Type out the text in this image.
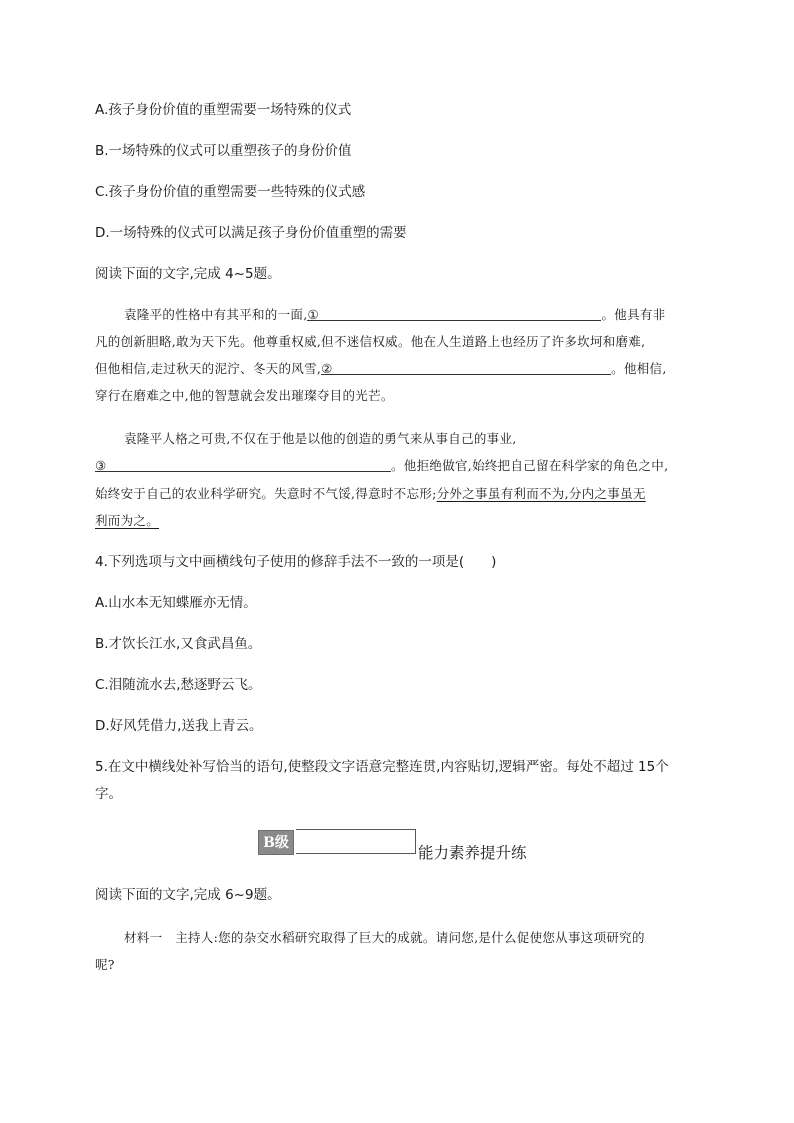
A.孩子身份价值的重塑需要一场特殊的仪式
B.一场特殊的仪式可以重塑孩子的身份价值
C.孩子身份价值的重塑需要一些特殊的仪式感
D.一场特殊的仪式可以满足孩子身份价值重塑的需要
阅读下面的文字,完成 4~5题。
袁隆平的性格中有其平和的一面,①	。他具有非
凡的创新胆略,敢为天下先。他尊重权威,但不迷信权威。他在人生道路上也经历了许多坎坷和磨难,
但他相信,走过秋天的泥泞、冬天的风雪,②	。他相信,
穿行在磨难之中,他的智慧就会发出璀璨夺目的光芒。
袁隆平人格之可贵,不仅在于他是以他的创造的勇气来从事自己的事业,
③	。他拒绝做官,始终把自己留在科学家的角色之中,
始终安于自己的农业科学研究。失意时不气馁,得意时不忘形;分外之事虽有利而不为,分内之事虽无
利而为之。
4.下列选项与文中画横线句子使用的修辞手法不一致的一项是(　　)
A.山水本无知蝶雁亦无情。
B.才饮长江水,又食武昌鱼。
C.泪随流水去,愁逐野云飞。
D.好风凭借力,送我上青云。
5.在文中横线处补写恰当的语句,使整段文字语意完整连贯,内容贴切,逻辑严密。每处不超过 15个
字。
B级
能力素养提升练
阅读下面的文字,完成 6~9题。
材料一　主持人:您的杂交水稻研究取得了巨大的成就。请问您,是什么促使您从事这项研究的
呢?
